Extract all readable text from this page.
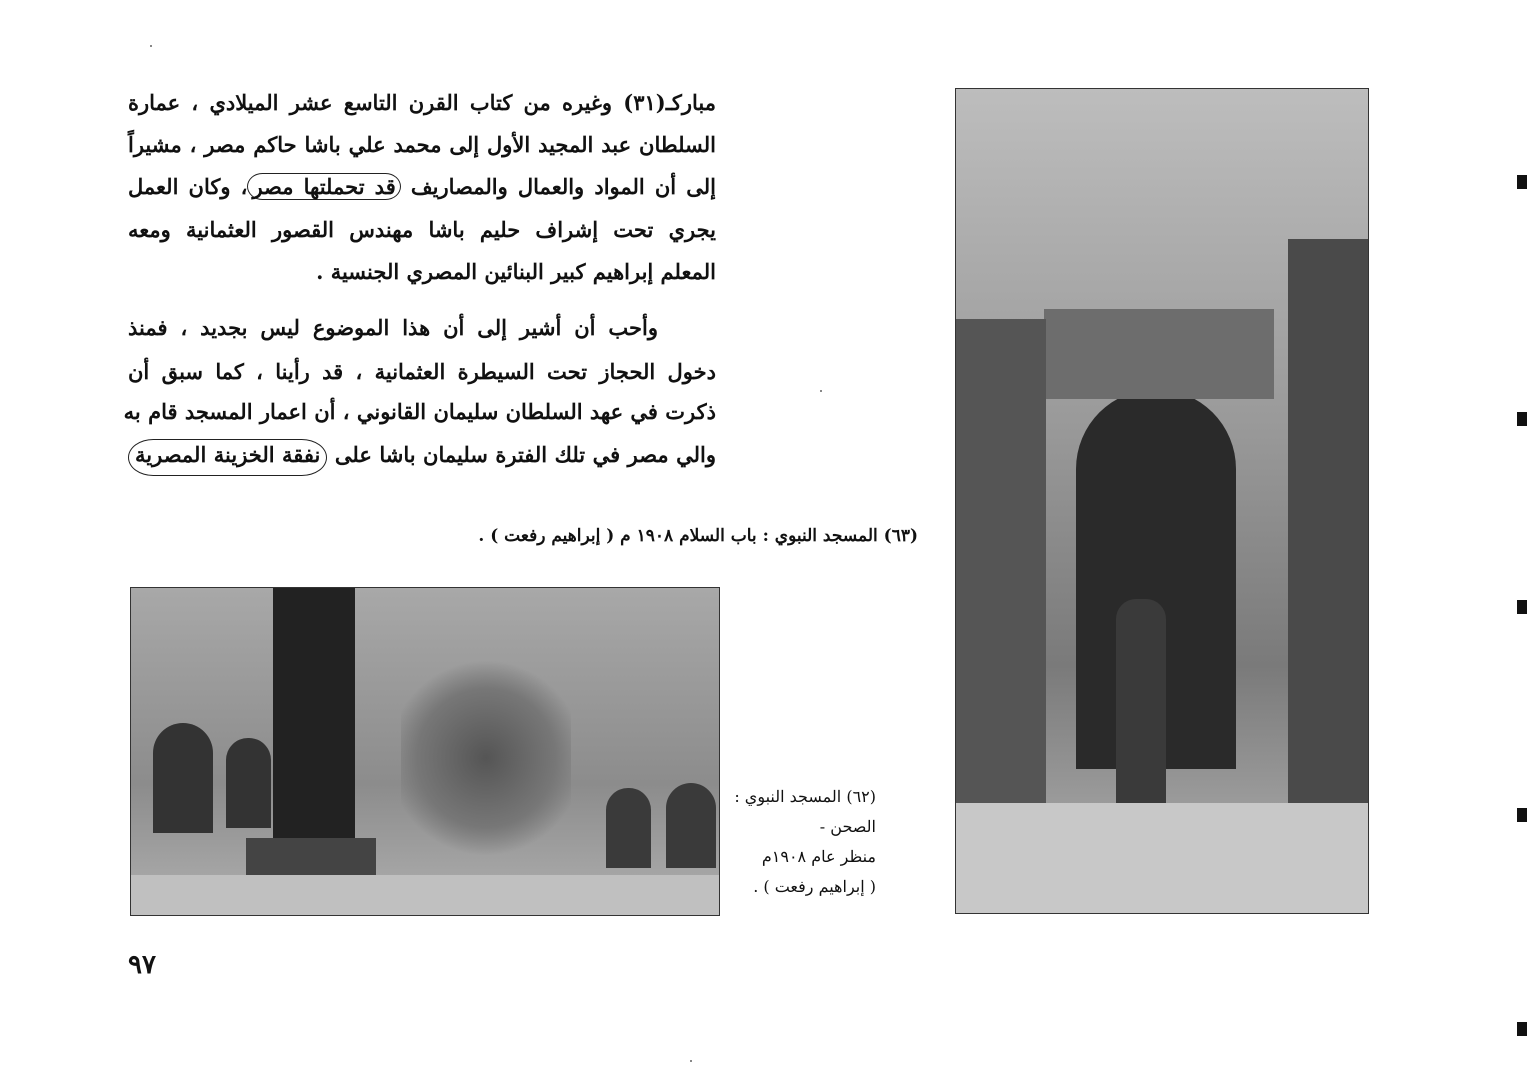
مباركـ(٣١) وغيره من كتاب القرن التاسع عشر الميلادي ، عمارة
السلطان عبد المجيد الأول إلى محمد علي باشا حاكم مصر ، مشيراً
إلى أن المواد والعمال والمصاريف قد تحملتها مصر، وكان العمل
يجري تحت إشراف حليم باشا مهندس القصور العثمانية ومعه
المعلم إبراهيم كبير البنائين المصري الجنسية .
وأحب أن أشير إلى أن هذا الموضوع ليس بجديد ، فمنذ
دخول الحجاز تحت السيطرة العثمانية ، قد رأينا ، كما سبق أن
ذكرت في عهد السلطان سليمان القانوني ، أن اعمار المسجد قام به
والي مصر في تلك الفترة سليمان باشا على نفقة الخزينة المصرية
(٦٣) المسجد النبوي : باب السلام ١٩٠٨ م ( إبراهيم رفعت ) .
(٦٢) المسجد النبوي :
الصحن -
منظر عام ١٩٠٨م
( إبراهيم رفعت ) .
٩٧
